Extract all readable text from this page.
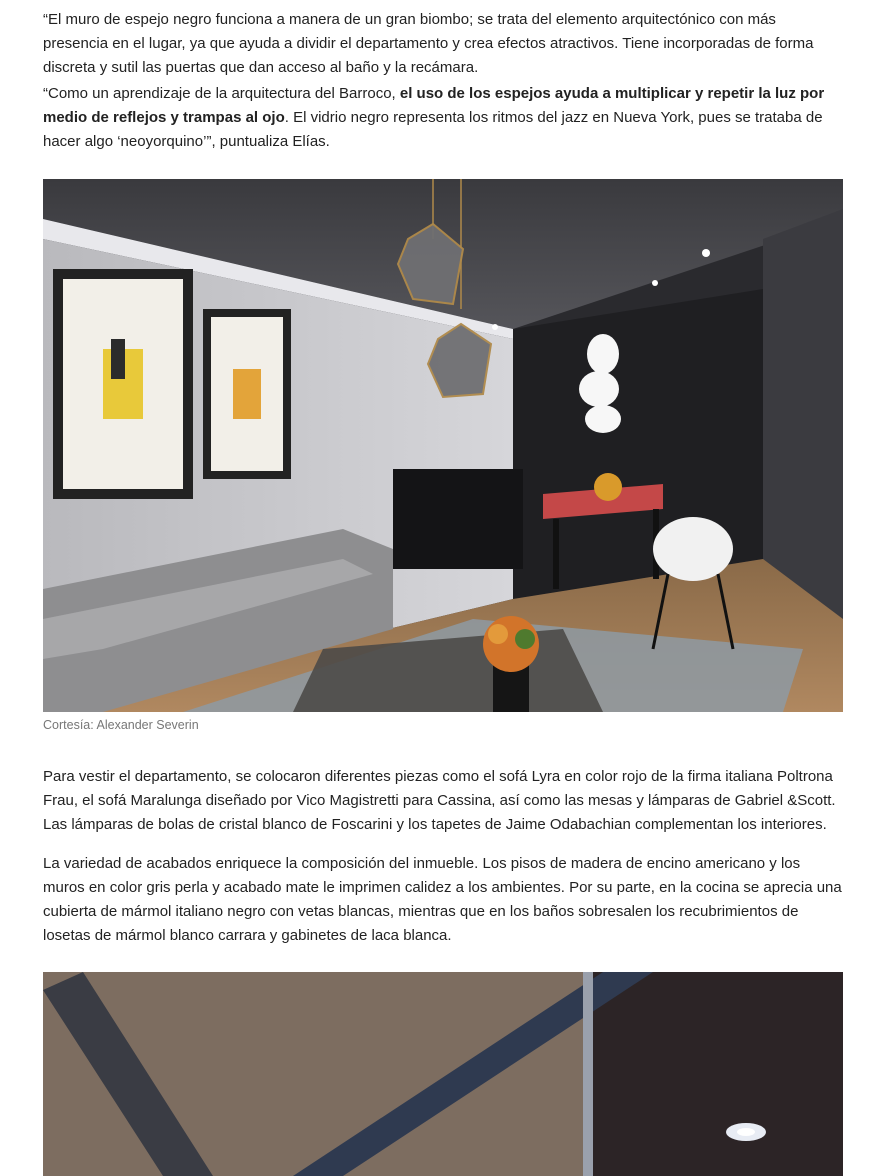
“El muro de espejo negro funciona a manera de un gran biombo; se trata del elemento arquitectónico con más presencia en el lugar, ya que ayuda a dividir el departamento y crea efectos atractivos. Tiene incorporadas de forma discreta y sutil las puertas que dan acceso al baño y la recámara.

“Como un aprendizaje de la arquitectura del Barroco, el uso de los espejos ayuda a multiplicar y repetir la luz por medio de reflejos y trampas al ojo. El vidrio negro representa los ritmos del jazz en Nueva York, pues se trataba de hacer algo ‘neoyorquino’”, puntualiza Elías.

Cortesía: Alexander Severin

Para vestir el departamento, se colocaron diferentes piezas como el sofá Lyra en color rojo de la firma italiana Poltrona Frau, el sofá Maralunga diseñado por Vico Magistretti para Cassina, así como las mesas y lámparas de Gabriel &Scott. Las lámparas de bolas de cristal blanco de Foscarini y los tapetes de Jaime Odabachian complementan los interiores.

La variedad de acabados enriquece la composición del inmueble. Los pisos de madera de encino americano y los muros en color gris perla y acabado mate le imprimen calidez a los ambientes. Por su parte, en la cocina se aprecia una cubierta de mármol italiano negro con vetas blancas, mientras que en los baños sobresalen los recubrimientos de losetas de mármol blanco carrara y gabinetes de laca blanca.
